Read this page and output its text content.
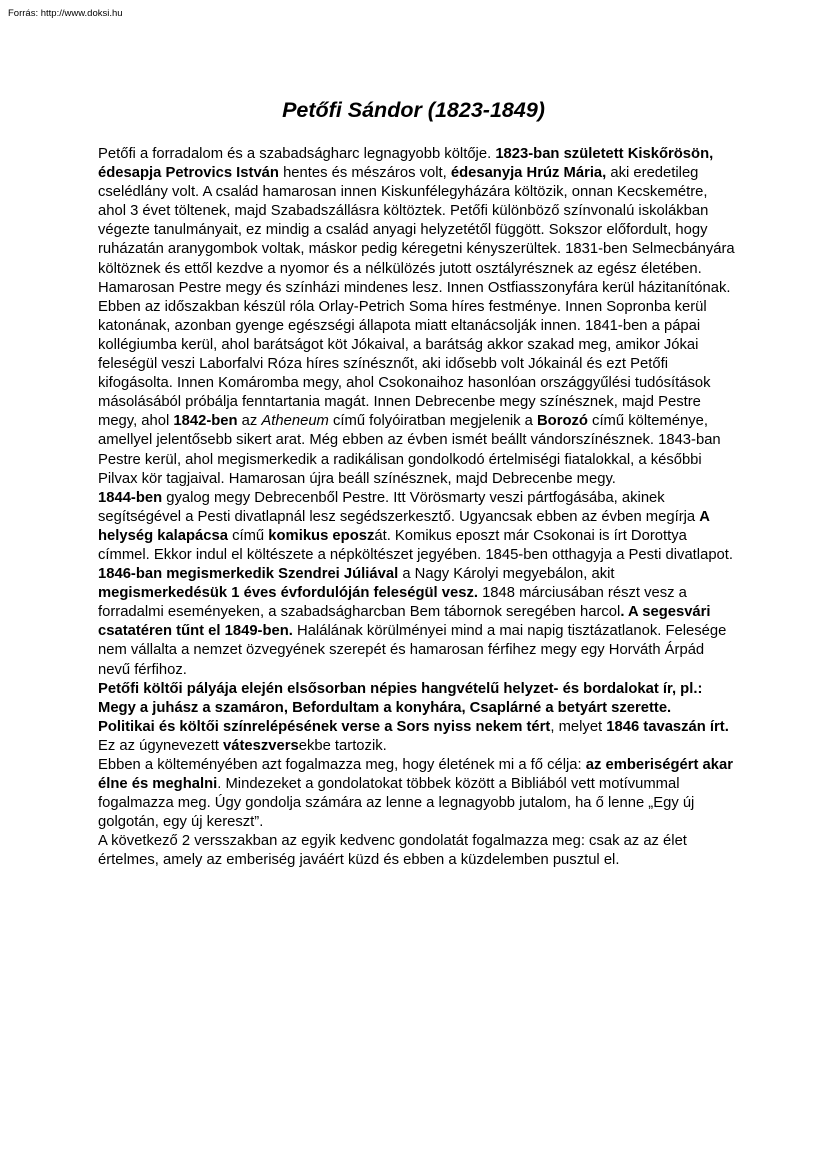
Forrás: http://www.doksi.hu
Petőfi Sándor (1823-1849)

Petőfi a forradalom és a szabadságharc legnagyobb költője. 1823-ban született Kiskőrösön, édesapja Petrovics István hentes és mészáros volt, édesanyja Hrúz Mária, aki eredetileg cselédlány volt. A család hamarosan innen Kiskunfélegyházára költözik, onnan Kecskemétre, ahol 3 évet töltenek, majd Szabadszállásra költöztek. Petőfi különböző színvonalú iskolákban végezte tanulmányait, ez mindig a család anyagi helyzetétől függött. Sokszor előfordult, hogy ruházatán aranygombok voltak, máskor pedig kéregetni kényszerültek. 1831-ben Selmecbányára költöznek és ettől kezdve a nyomor és a nélkülözés jutott osztályrésznek az egész életében. Hamarosan Pestre megy és színházi mindenes lesz. Innen Ostfiasszonyfára kerül házitanítónak. Ebben az időszakban készül róla Orlay-Petrich Soma híres festménye. Innen Sopronba kerül katonának, azonban gyenge egészségi állapota miatt eltanácsolják innen. 1841-ben a pápai kollégiumba kerül, ahol barátságot köt Jókaival, a barátság akkor szakad meg, amikor Jókai feleségül veszi Laborfalvi Róza híres színésznőt, aki idősebb volt Jókainál és ezt Petőfi kifogásolta. Innen Komáromba megy, ahol Csokonaihoz hasonlóan országgyűlési tudósítások másolásából próbálja fenntartania magát. Innen Debrecenbe megy színésznek, majd Pestre megy, ahol 1842-ben az Atheneum című folyóiratban megjelenik a Borozó című költeménye, amellyel jelentősebb sikert arat. Még ebben az évben ismét beállt vándorszínésznek. 1843-ban Pestre kerül, ahol megismerkedik a radikálisan gondolkodó értelmiségi fiatalokkal, a későbbi Pilvax kör tagjaival. Hamarosan újra beáll színésznek, majd Debrecenbe megy.

1844-ben gyalog megy Debrecenből Pestre. Itt Vörösmarty veszi pártfogásába, akinek segítségével a Pesti divatlapnál lesz segédszerkesztő. Ugyancsak ebben az évben megírja A helység kalapácsa című komikus eposzát. Komikus eposzt már Csokonai is írt Dorottya címmel. Ekkor indul el költészete a népköltészet jegyében. 1845-ben otthagyja a Pesti divatlapot. 1846-ban megismerkedik Szendrei Júliával a Nagy Károlyi megyebálon, akit megismerkedésük 1 éves évfordulóján feleségül vesz. 1848 márciusában részt vesz a forradalmi eseményeken, a szabadságharcban Bem tábornok seregében harcol. A segesvári csatatéren tűnt el 1849-ben. Halálának körülményei mind a mai napig tisztázatlanok. Felesége nem vállalta a nemzet özvegyének szerepét és hamarosan férfihez megy egy Horváth Árpád nevű férfihoz.

Petőfi költői pályája elején elsősorban népies hangvételű helyzet- és bordalokat ír, pl.: Megy a juhász a szamáron, Befordultam a konyhára, Csaplárné a betyárt szerette.

Politikai és költői színrelépésének verse a Sors nyiss nekem tért, melyet 1846 tavaszán írt. Ez az úgynevezett váteszversekbe tartozik.

Ebben a költeményében azt fogalmazza meg, hogy életének mi a fő célja: az emberiségért akar élne és meghalni. Mindezeket a gondolatokat többek között a Bibliából vett motívummal fogalmazza meg. Úgy gondolja számára az lenne a legnagyobb jutalom, ha ő lenne „Egy új golgotán, egy új kereszt”.

A következő 2 versszakban az egyik kedvenc gondolatát fogalmazza meg: csak az az élet értelmes, amely az emberiség javáért küzd és ebben a küzdelemben pusztul el.
